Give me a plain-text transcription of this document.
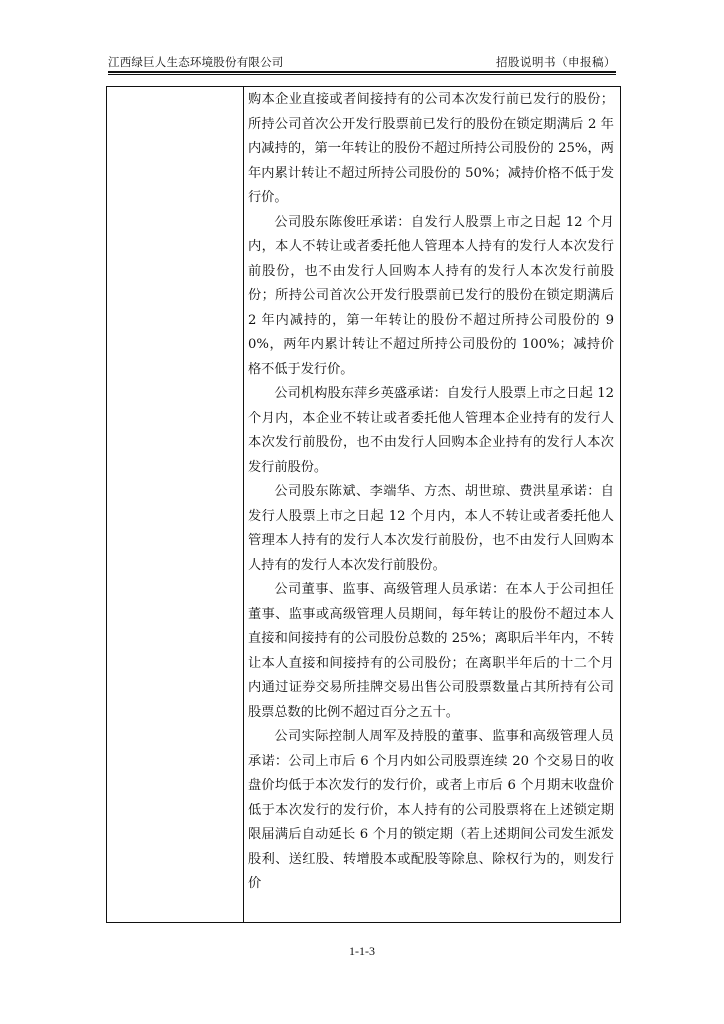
江西绿巨人生态环境股份有限公司	招股说明书（申报稿）

购本企业直接或者间接持有的公司本次发行前已发行的股份；所持公司首次公开发行股票前已发行的股份在锁定期满后 2 年内减持的，第一年转让的股份不超过所持公司股份的 25%，两年内累计转让不超过所持公司股份的 50%；减持价格不低于发行价。

公司股东陈俊旺承诺：自发行人股票上市之日起 12 个月内，本人不转让或者委托他人管理本人持有的发行人本次发行前股份，也不由发行人回购本人持有的发行人本次发行前股份；所持公司首次公开发行股票前已发行的股份在锁定期满后 2 年内减持的，第一年转让的股份不超过所持公司股份的 90%，两年内累计转让不超过所持公司股份的 100%；减持价格不低于发行价。

公司机构股东萍乡英盛承诺：自发行人股票上市之日起 12 个月内，本企业不转让或者委托他人管理本企业持有的发行人本次发行前股份，也不由发行人回购本企业持有的发行人本次发行前股份。

公司股东陈斌、李端华、方杰、胡世琼、费洪星承诺：自发行人股票上市之日起 12 个月内，本人不转让或者委托他人管理本人持有的发行人本次发行前股份，也不由发行人回购本人持有的发行人本次发行前股份。

公司董事、监事、高级管理人员承诺：在本人于公司担任董事、监事或高级管理人员期间，每年转让的股份不超过本人直接和间接持有的公司股份总数的 25%；离职后半年内，不转让本人直接和间接持有的公司股份；在离职半年后的十二个月内通过证券交易所挂牌交易出售公司股票数量占其所持有公司股票总数的比例不超过百分之五十。

公司实际控制人周军及持股的董事、监事和高级管理人员承诺：公司上市后 6 个月内如公司股票连续 20 个交易日的收盘价均低于本次发行的发行价，或者上市后 6 个月期末收盘价低于本次发行的发行价，本人持有的公司股票将在上述锁定期限届满后自动延长 6 个月的锁定期（若上述期间公司发生派发股利、送红股、转增股本或配股等除息、除权行为的，则发行价

1-1-3
